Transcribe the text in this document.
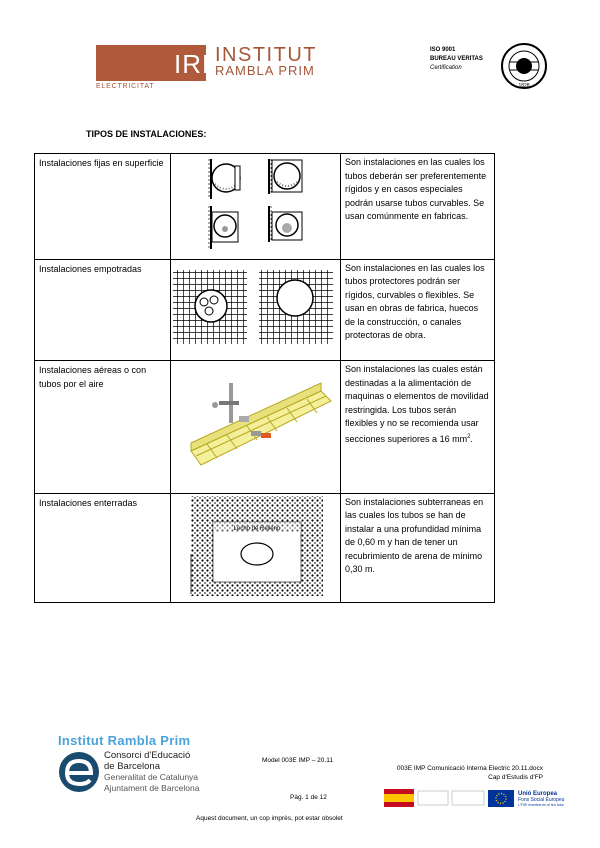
IRP
INSTITUT
RAMBLA PRIM
ELECTRICITAT
ISO 9001
BUREAU VERITAS
Certification
1828
TIPOS DE INSTALACIONES:
Instalaciones fijas en superficie		Son instalaciones en las cuales los tubos deberán ser preferentemente rígidos y en casos especiales podrán usarse tubos curvables. Se usan comúnmente en fabricas.
Instalaciones empotradas		Son instalaciones en las cuales los tubos protectores podrán ser rígidos, curvables o flexibles. Se usan en obras de fabrica, huecos de la construcción, o canales protectoras de obra.
Instalaciones aéreas o con tubos por el aire		Son instalaciones las cuales están destinadas a la alimentación de maquinas o elementos de movilidad restringida. Los tubos serán flexibles y no se recomienda usar secciones superiores a 16 $mm^2$.
Instalaciones enterradas	Lecho de Relleno	Son instalaciones subterraneas en las cuales los tubos se han de instalar a una profundidad mínima de 0,60 m y han de tener un recubrimiento de arena de mínimo 0,30 m.
Institut Rambla Prim
Consorci d'Educació
de Barcelona
Generalitat de Catalunya
Ajuntament de Barcelona
Model 003E IMP – 20.11
003E IMP Comunicació Interna Electric 20.11.docx
Cap d'Estudis d'FP
Pàg. 1 de 12
Aquest document, un cop imprès, pot estar obsolet
Unió Europea
Fons Social Europeu
L'FSE inverteix en el teu futur
